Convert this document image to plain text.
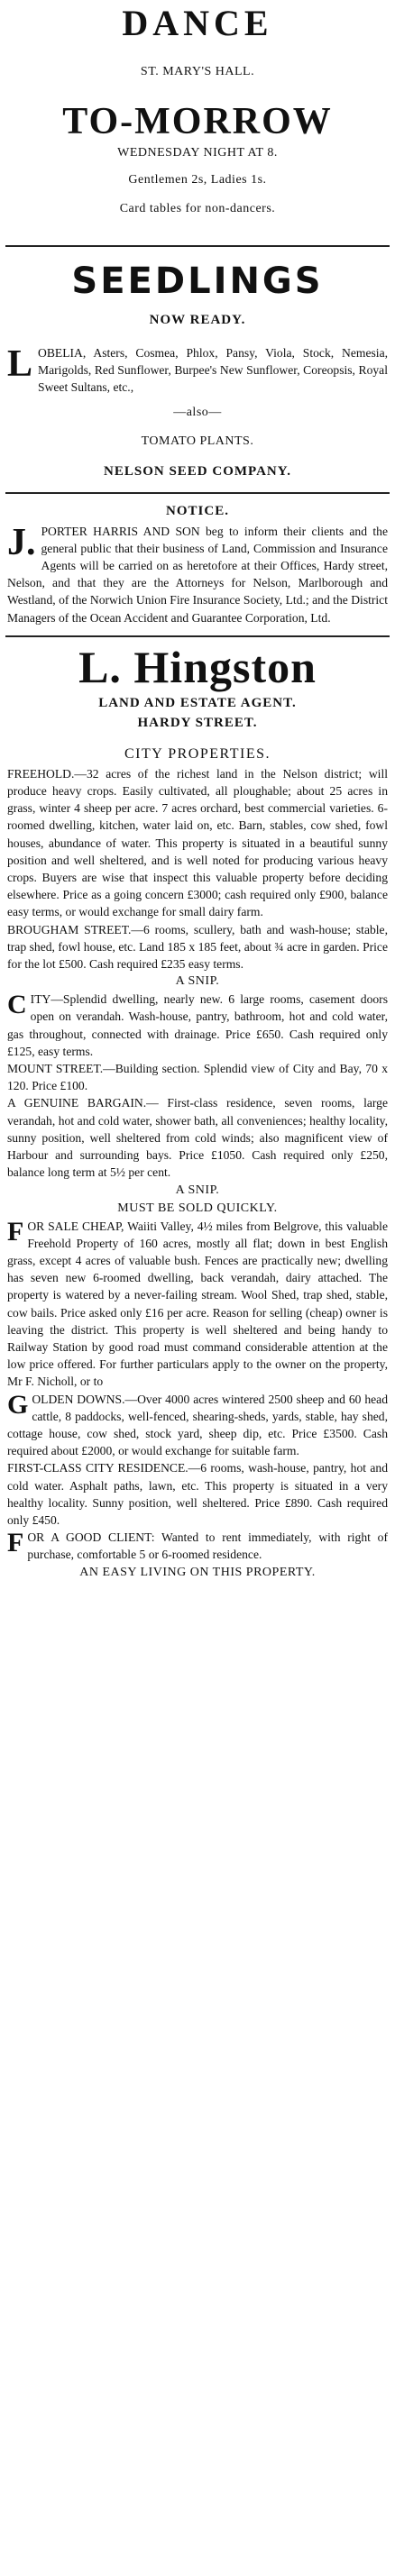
DANCE
ST. MARY'S HALL.
TO-MORROW
WEDNESDAY NIGHT AT 8.
Gentlemen 2s, Ladies 1s.
Card tables for non-dancers.
SEEDLINGS
NOW READY.
L OBELIA, Asters, Cosmea, Phlox, Pansy, Viola, Stock, Nemesia, Marigolds, Red Sunflower, Burpee's New Sunflower, Coreopsis, Royal Sweet Sultans, etc.,
—also—
TOMATO PLANTS.
NELSON SEED COMPANY.
NOTICE.
J. PORTER HARRIS AND SON beg to inform their clients and the general public that their business of Land, Commission and Insurance Agents will be carried on as heretofore at their Offices, Hardy street, Nelson, and that they are the Attorneys for Nelson, Marlborough and Westland, of the Norwich Union Fire Insurance Society, Ltd.; and the District Managers of the Ocean Accident and Guarantee Corporation, Ltd.
L. Hingston
LAND AND ESTATE AGENT.
HARDY STREET.
CITY PROPERTIES.
FREEHOLD.—32 acres of the richest land in the Nelson district; will produce heavy crops. Easily cultivated, all ploughable; about 25 acres in grass, winter 4 sheep per acre. 7 acres orchard, best commercial varieties. 6-roomed dwelling, kitchen, water laid on, etc. Barn, stables, cow shed, fowl houses, abundance of water. This property is situated in a beautiful sunny position and well sheltered, and is well noted for producing various heavy crops. Buyers are wise that inspect this valuable property before deciding elsewhere. Price as a going concern £3000; cash required only £900, balance easy terms, or would exchange for small dairy farm.
BROUGHAM STREET.—6 rooms, scullery, bath and wash-house; stable, trap shed, fowl house, etc. Land 185 x 185 feet, about ¾ acre in garden. Price for the lot £500. Cash required £235 easy terms.
A SNIP.
C ITY—Splendid dwelling, nearly new. 6 large rooms, casement doors open on verandah. Wash-house, pantry, bathroom, hot and cold water, gas throughout, connected with drainage. Price £650. Cash required only £125, easy terms.
MOUNT STREET.—Building section. Splendid view of City and Bay, 70 x 120. Price £100.
A GENUINE BARGAIN.— First-class residence, seven rooms, large verandah, hot and cold water, shower bath, all conveniences; healthy locality, sunny position, well sheltered from cold winds; also magnificent view of Harbour and surrounding bays. Price £1050. Cash required only £250, balance long term at 5½ per cent.
A SNIP.
MUST BE SOLD QUICKLY.
F OR SALE CHEAP, Waiiti Valley, 4½ miles from Belgrove, this valuable Freehold Property of 160 acres, mostly all flat; down in best English grass, except 4 acres of valuable bush. Fences are practically new; dwelling has seven new 6-roomed dwelling, back verandah, dairy attached. The property is watered by a never-failing stream. Wool Shed, trap shed, stable, cow bails. Price asked only £16 per acre. Reason for selling (cheap) owner is leaving the district. This property is well sheltered and being handy to Railway Station by good road must command considerable attention at the low price offered. For further particulars apply to the owner on the property, Mr F. Nicholl, or to
G OLDEN DOWNS.—Over 4000 acres wintered 2500 sheep and 60 head cattle, 8 paddocks, well-fenced, shearing-sheds, yards, stable, hay shed, cottage house, cow shed, stock yard, sheep dip, etc. Price £3500. Cash required about £2000, or would exchange for suitable farm.
FIRST-CLASS CITY RESIDENCE.—6 rooms, wash-house, pantry, hot and cold water. Asphalt paths, lawn, etc. This property is situated in a very healthy locality. Sunny position, well sheltered. Price £890. Cash required only £450.
F OR A GOOD CLIENT: Wanted to rent immediately, with right of purchase, comfortable 5 or 6-roomed residence.
AN EASY LIVING ON THIS PROPERTY.
